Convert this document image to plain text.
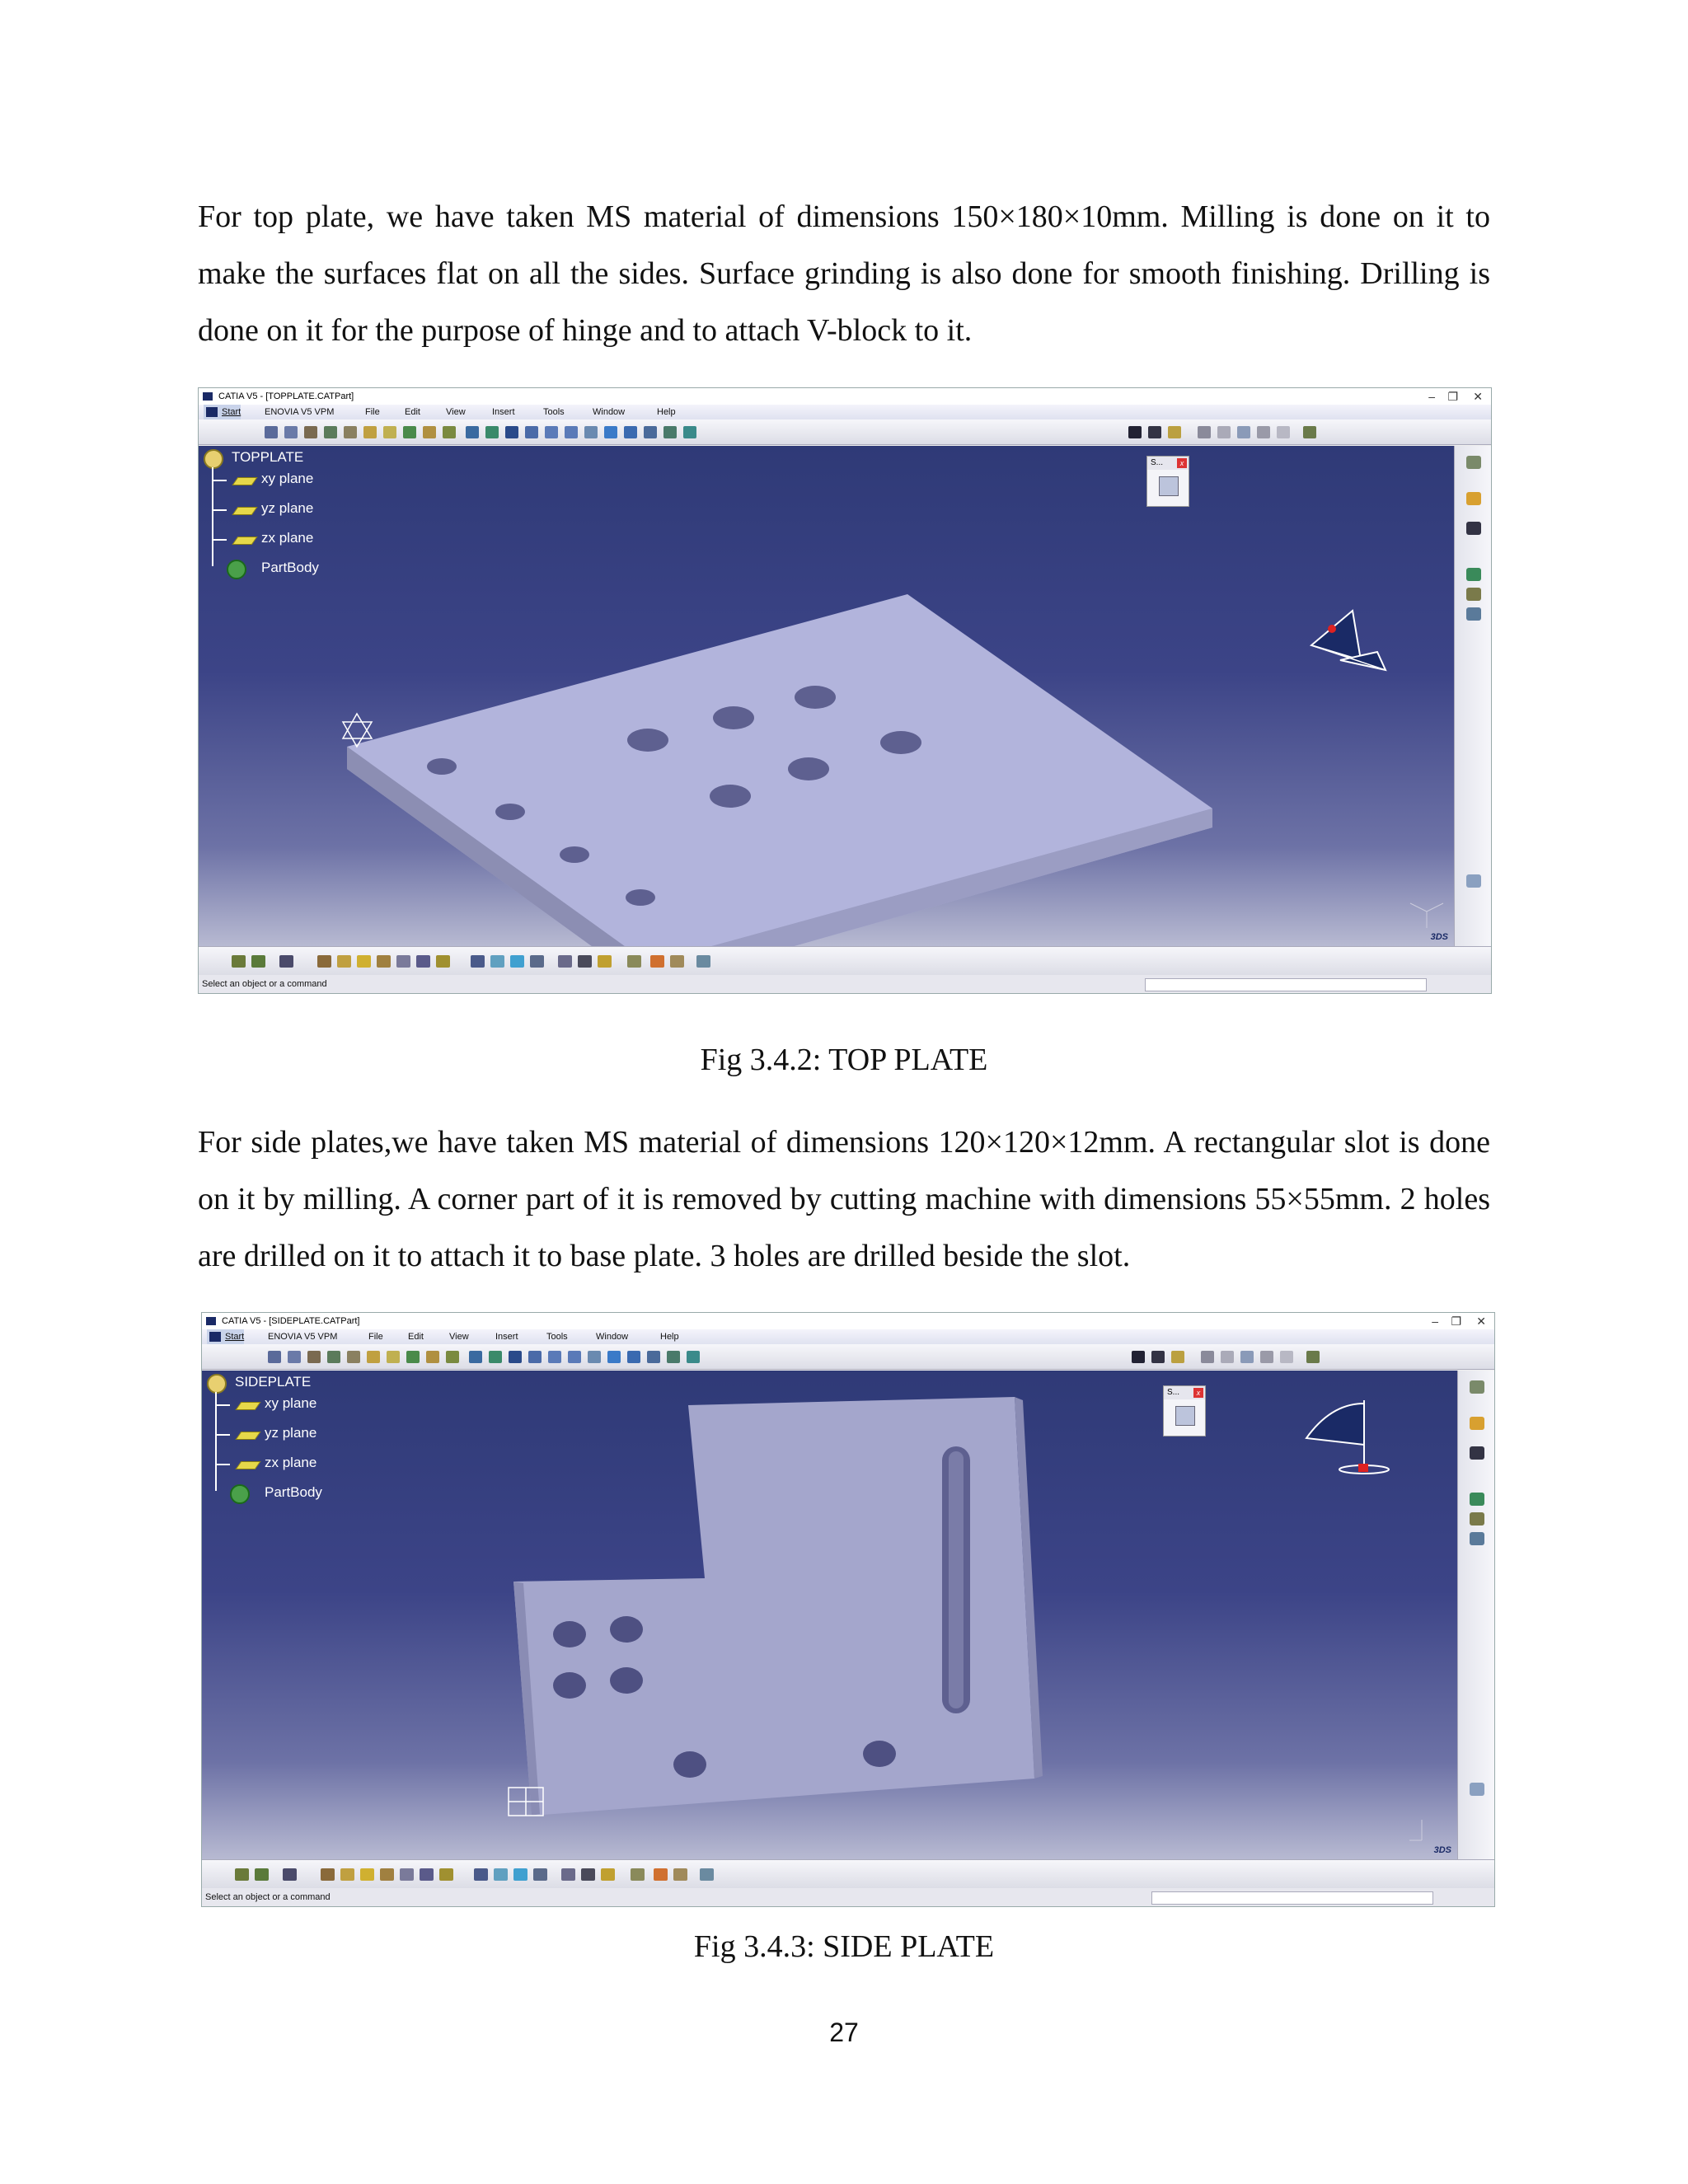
For top plate, we have taken MS material of dimensions 150×180×10mm. Milling is done on it to make the surfaces flat on all the sides. Surface grinding is also done for smooth finishing. Drilling is done on it for the purpose of hinge and to attach V-block to it.

CATIA V5 - [TOPPLATE.CATPart]	– ❐ ✕
Start	ENOVIA V5 VPM	File	Edit	View	Insert	Tools	Window	Help
TOPPLATE
xy plane
yz plane
zx plane
PartBody
S...	x
3DS
Select an object or a command
Fig 3.4.2: TOP PLATE

For side plates,we have taken MS material of dimensions 120×120×12mm. A rectangular slot is done on it by milling. A corner part of it is removed by cutting machine with dimensions 55×55mm. 2 holes are drilled on it to attach it to base plate. 3 holes are drilled beside the slot.

CATIA V5 - [SIDEPLATE.CATPart]	– ❐ ✕
Start	ENOVIA V5 VPM	File	Edit	View	Insert	Tools	Window	Help
SIDEPLATE
xy plane
yz plane
zx plane
PartBody
S...	x
3DS
Select an object or a command
Fig 3.4.3: SIDE PLATE
27
